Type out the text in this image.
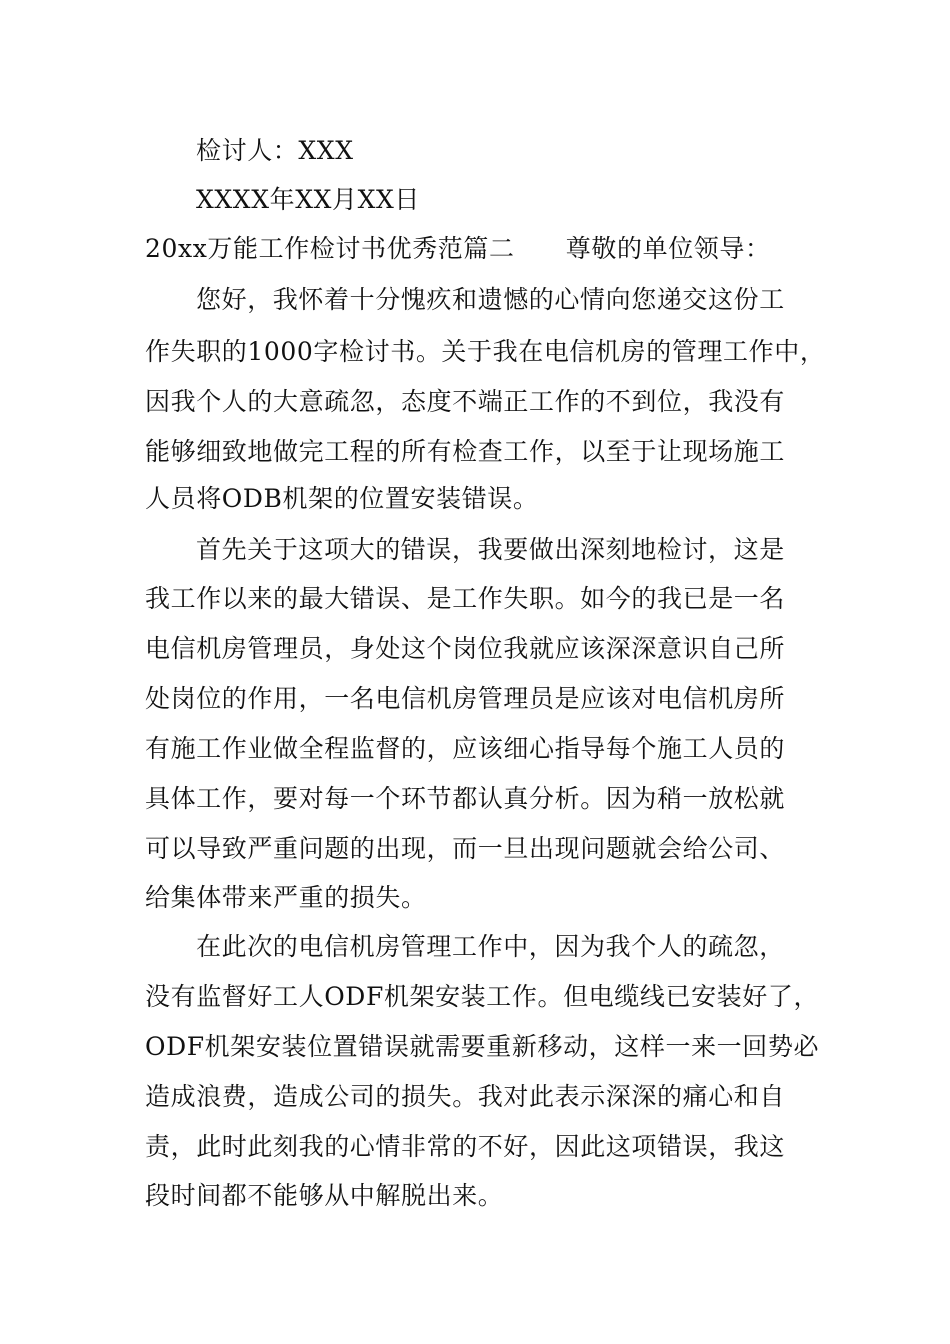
检讨人：XXX
XXXX年XX月XX日
20xx万能工作检讨书优秀范篇二　　尊敬的单位领导：
您好，我怀着十分愧疚和遗憾的心情向您递交这份工
作失职的1000字检讨书。关于我在电信机房的管理工作中，
因我个人的大意疏忽，态度不端正工作的不到位，我没有
能够细致地做完工程的所有检查工作，以至于让现场施工
人员将ODB机架的位置安装错误。
首先关于这项大的错误，我要做出深刻地检讨，这是
我工作以来的最大错误、是工作失职。如今的我已是一名
电信机房管理员，身处这个岗位我就应该深深意识自己所
处岗位的作用，一名电信机房管理员是应该对电信机房所
有施工作业做全程监督的，应该细心指导每个施工人员的
具体工作，要对每一个环节都认真分析。因为稍一放松就
可以导致严重问题的出现，而一旦出现问题就会给公司、
给集体带来严重的损失。
在此次的电信机房管理工作中，因为我个人的疏忽，
没有监督好工人ODF机架安装工作。但电缆线已安装好了，
ODF机架安装位置错误就需要重新移动，这样一来一回势必
造成浪费，造成公司的损失。我对此表示深深的痛心和自
责，此时此刻我的心情非常的不好，因此这项错误，我这
段时间都不能够从中解脱出来。
